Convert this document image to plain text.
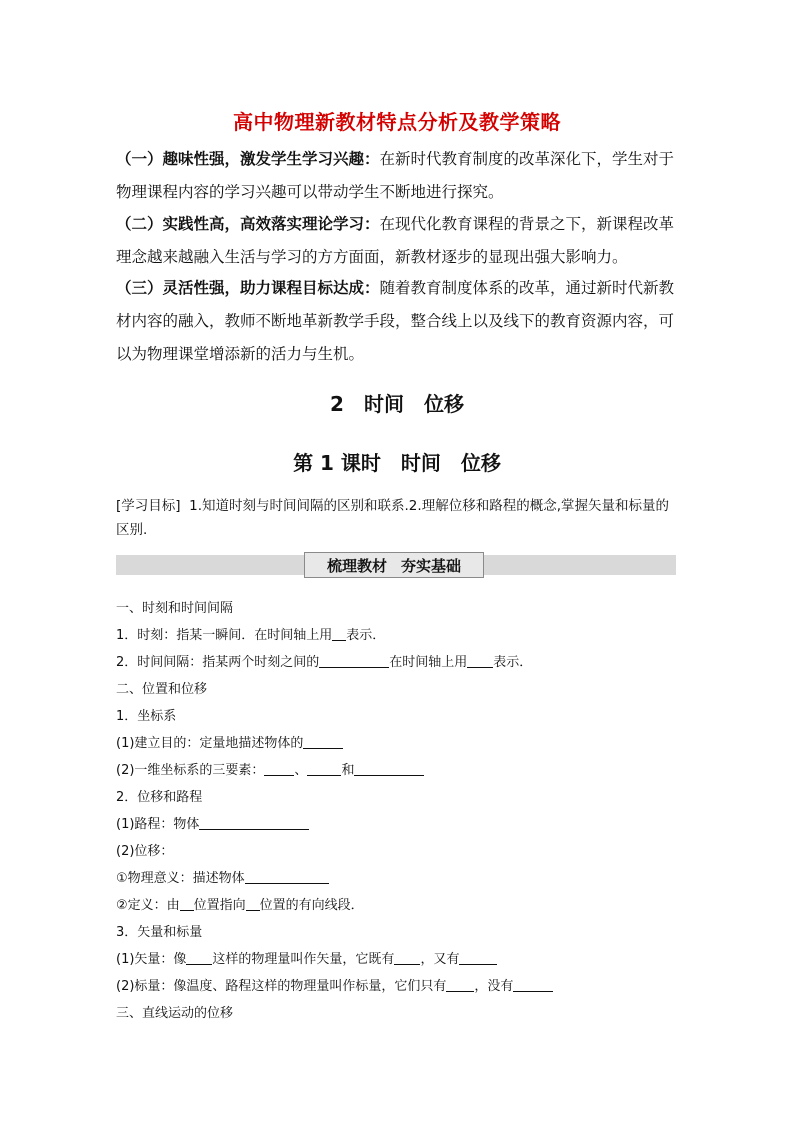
高中物理新教材特点分析及教学策略
（一）趣味性强，激发学生学习兴趣：在新时代教育制度的改革深化下，学生对于物理课程内容的学习兴趣可以带动学生不断地进行探究。
（二）实践性高，高效落实理论学习：在现代化教育课程的背景之下，新课程改革理念越来越融入生活与学习的方方面面，新教材逐步的显现出强大影响力。
（三）灵活性强，助力课程目标达成：随着教育制度体系的改革，通过新时代新教材内容的融入，教师不断地革新教学手段，整合线上以及线下的教育资源内容，可以为物理课堂增添新的活力与生机。
2 时间 位移
第 1 课时 时间 位移
[学习目标] 1.知道时刻与时间间隔的区别和联系.2.理解位移和路程的概念,掌握矢量和标量的区别.
梳理教材 夯实基础
一、时刻和时间间隔
1．时刻：指某一瞬间．在时间轴上用 表示．
2．时间间隔：指某两个时刻之间的	在时间轴上用 表示．
二、位置和位移
1．坐标系
(1)建立目的：定量地描述物体的
(2)一维坐标系的三要素： 、	和
2．位移和路程
(1)路程：物体
(2)位移：
①物理意义：描述物体
②定义：由 位置指向 位置的有向线段．
3．矢量和标量
(1)矢量：像 这样的物理量叫作矢量，它既有 ，又有
(2)标量：像温度、路程这样的物理量叫作标量，它们只有 ，没有
三、直线运动的位移
